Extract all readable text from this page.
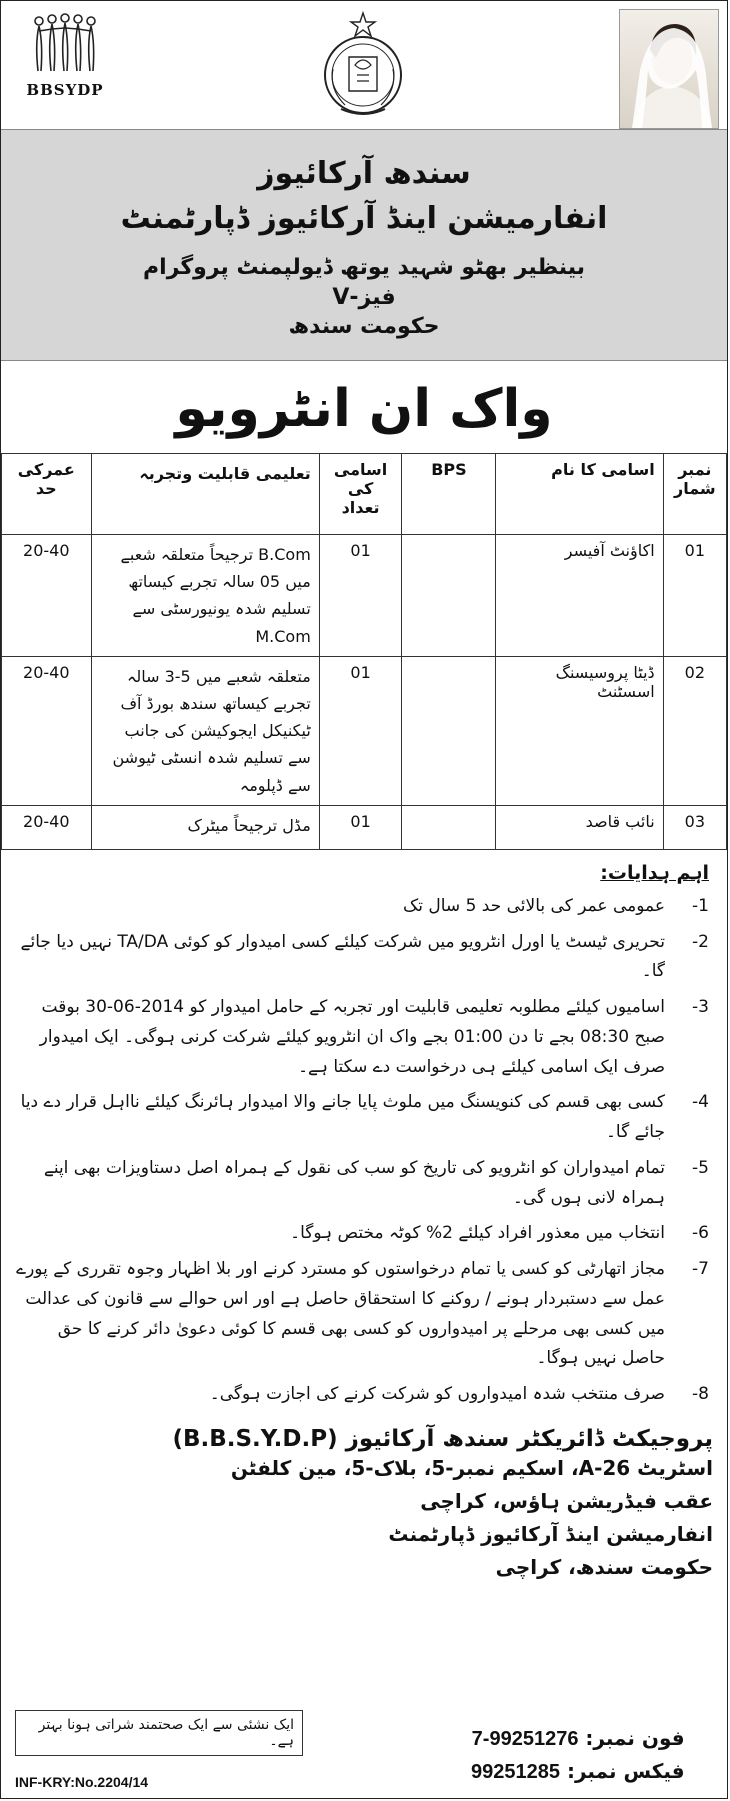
BBSYDP
سندھ آرکائیوز
انفارمیشن اینڈ آرکائیوز ڈپارٹمنٹ
بینظیر بھٹو شہید یوتھ ڈیولپمنٹ پروگرام
فیز-V
حکومت سندھ
واک ان انٹرویو
نمبر شمار	اسامی کا نام	BPS	اسامی کی تعداد	تعلیمی قابلیت وتجربہ	عمرکی حد
01	اکاؤنٹ آفیسر		01	B.Com ترجیحاً متعلقہ شعبے میں 05 سالہ تجربے کیساتھ تسلیم شدہ یونیورسٹی سے M.Com	20-40
02	ڈیٹا پروسیسنگ اسسٹنٹ		01	متعلقہ شعبے میں 5-3 سالہ تجربے کیساتھ سندھ بورڈ آف ٹیکنیکل ایجوکیشن کی جانب سے تسلیم شدہ انسٹی ٹیوشن سے ڈپلومہ	20-40
03	نائب قاصد		01	مڈل ترجیحاً میٹرک	20-40
اہم ہدایات:
1-
عمومی عمر کی بالائی حد 5 سال تک
2-
تحریری ٹیسٹ یا اورل انٹرویو میں شرکت کیلئے کسی امیدوار کو کوئی TA/DA نہیں دیا جائے گا۔
3-
اسامیوں کیلئے مطلوبہ تعلیمی قابلیت اور تجربہ کے حامل امیدوار کو 2014-06-30 بوقت صبح 08:30 بجے تا دن 01:00 بجے واک ان انٹرویو کیلئے شرکت کرنی ہوگی۔ ایک امیدوار صرف ایک اسامی کیلئے ہی درخواست دے سکتا ہے۔
4-
کسی بھی قسم کی کنویسنگ میں ملوث پایا جانے والا امیدوار ہائرنگ کیلئے نااہل قرار دے دیا جائے گا۔
5-
تمام امیدواران کو انٹرویو کی تاریخ کو سب کی نقول کے ہمراہ اصل دستاویزات بھی اپنے ہمراہ لانی ہوں گی۔
6-
انتخاب میں معذور افراد کیلئے 2% کوٹہ مختص ہوگا۔
7-
مجاز اتھارٹی کو کسی یا تمام درخواستوں کو مسترد کرنے اور بلا اظہار وجوہ تقرری کے پورے عمل سے دستبردار ہونے / روکنے کا استحقاق حاصل ہے اور اس حوالے سے قانون کی عدالت میں کسی بھی مرحلے پر امیدواروں کو کسی بھی قسم کا کوئی دعویٰ دائر کرنے کا حق حاصل نہیں ہوگا۔
8-
صرف منتخب شدہ امیدواروں کو شرکت کرنے کی اجازت ہوگی۔
پروجیکٹ ڈائریکٹر سندھ آرکائیوز (B.B.S.Y.D.P)
اسٹریٹ A-26، اسکیم نمبر-5، بلاک-5، مین کلفٹن
عقب فیڈریشن ہاؤس، کراچی
انفارمیشن اینڈ آرکائیوز ڈپارٹمنٹ
حکومت سندھ، کراچی
فون نمبر: 99251276-7
فیکس نمبر: 99251285
ایک نشئی سے ایک صحتمند شراتی ہونا بہتر ہے۔
INF-KRY:No.2204/14
